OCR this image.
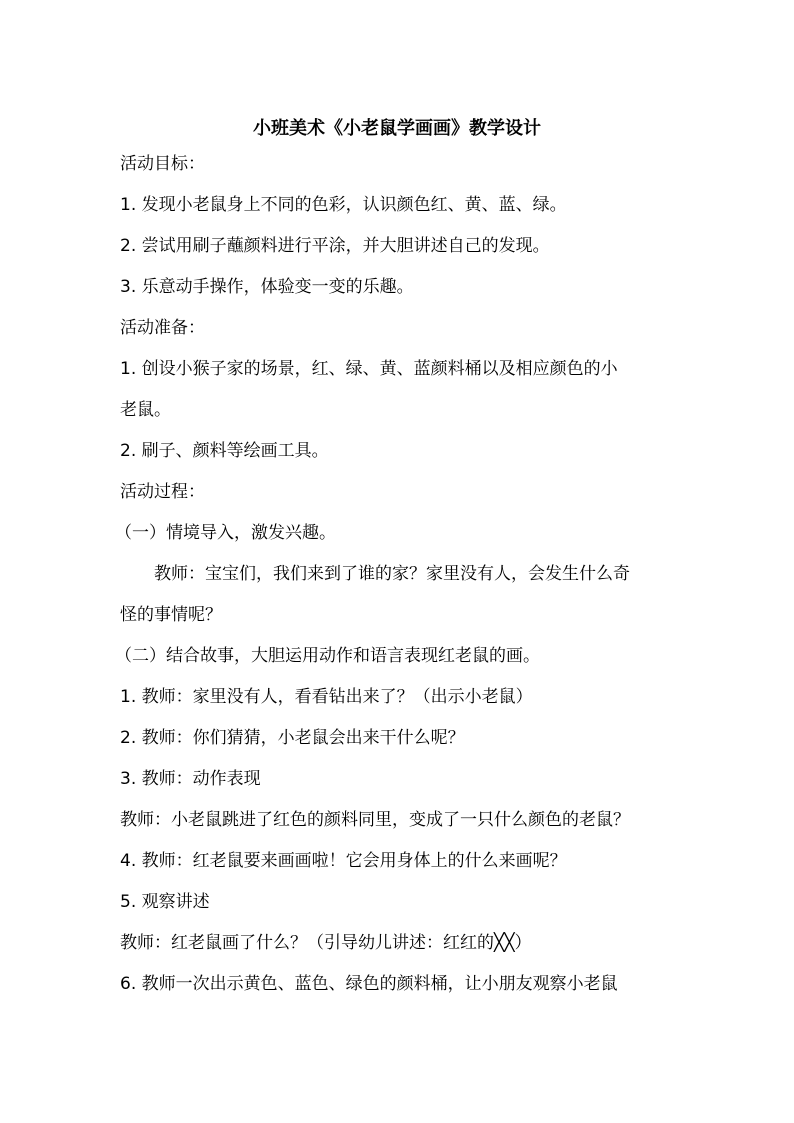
小班美术《小老鼠学画画》教学设计

活动目标：

1. 发现小老鼠身上不同的色彩，认识颜色红、黄、蓝、绿。

2. 尝试用刷子蘸颜料进行平涂，并大胆讲述自己的发现。

3. 乐意动手操作，体验变一变的乐趣。

活动准备：

1. 创设小猴子家的场景，红、绿、黄、蓝颜料桶以及相应颜色的小

老鼠。

2. 刷子、颜料等绘画工具。

活动过程：

（一）情境导入，激发兴趣。

教师：宝宝们，我们来到了谁的家？家里没有人，会发生什么奇

怪的事情呢？

（二）结合故事，大胆运用动作和语言表现红老鼠的画。

1. 教师：家里没有人，看看钻出来了？（出示小老鼠）

2. 教师：你们猜猜，小老鼠会出来干什么呢？

3. 教师：动作表现

教师：小老鼠跳进了红色的颜料同里，变成了一只什么颜色的老鼠？

4. 教师：红老鼠要来画画啦！它会用身体上的什么来画呢？

5. 观察讲述

教师：红老鼠画了什么？（引导幼儿讲述：红红的╳╳）

6. 教师一次出示黄色、蓝色、绿色的颜料桶，让小朋友观察小老鼠
